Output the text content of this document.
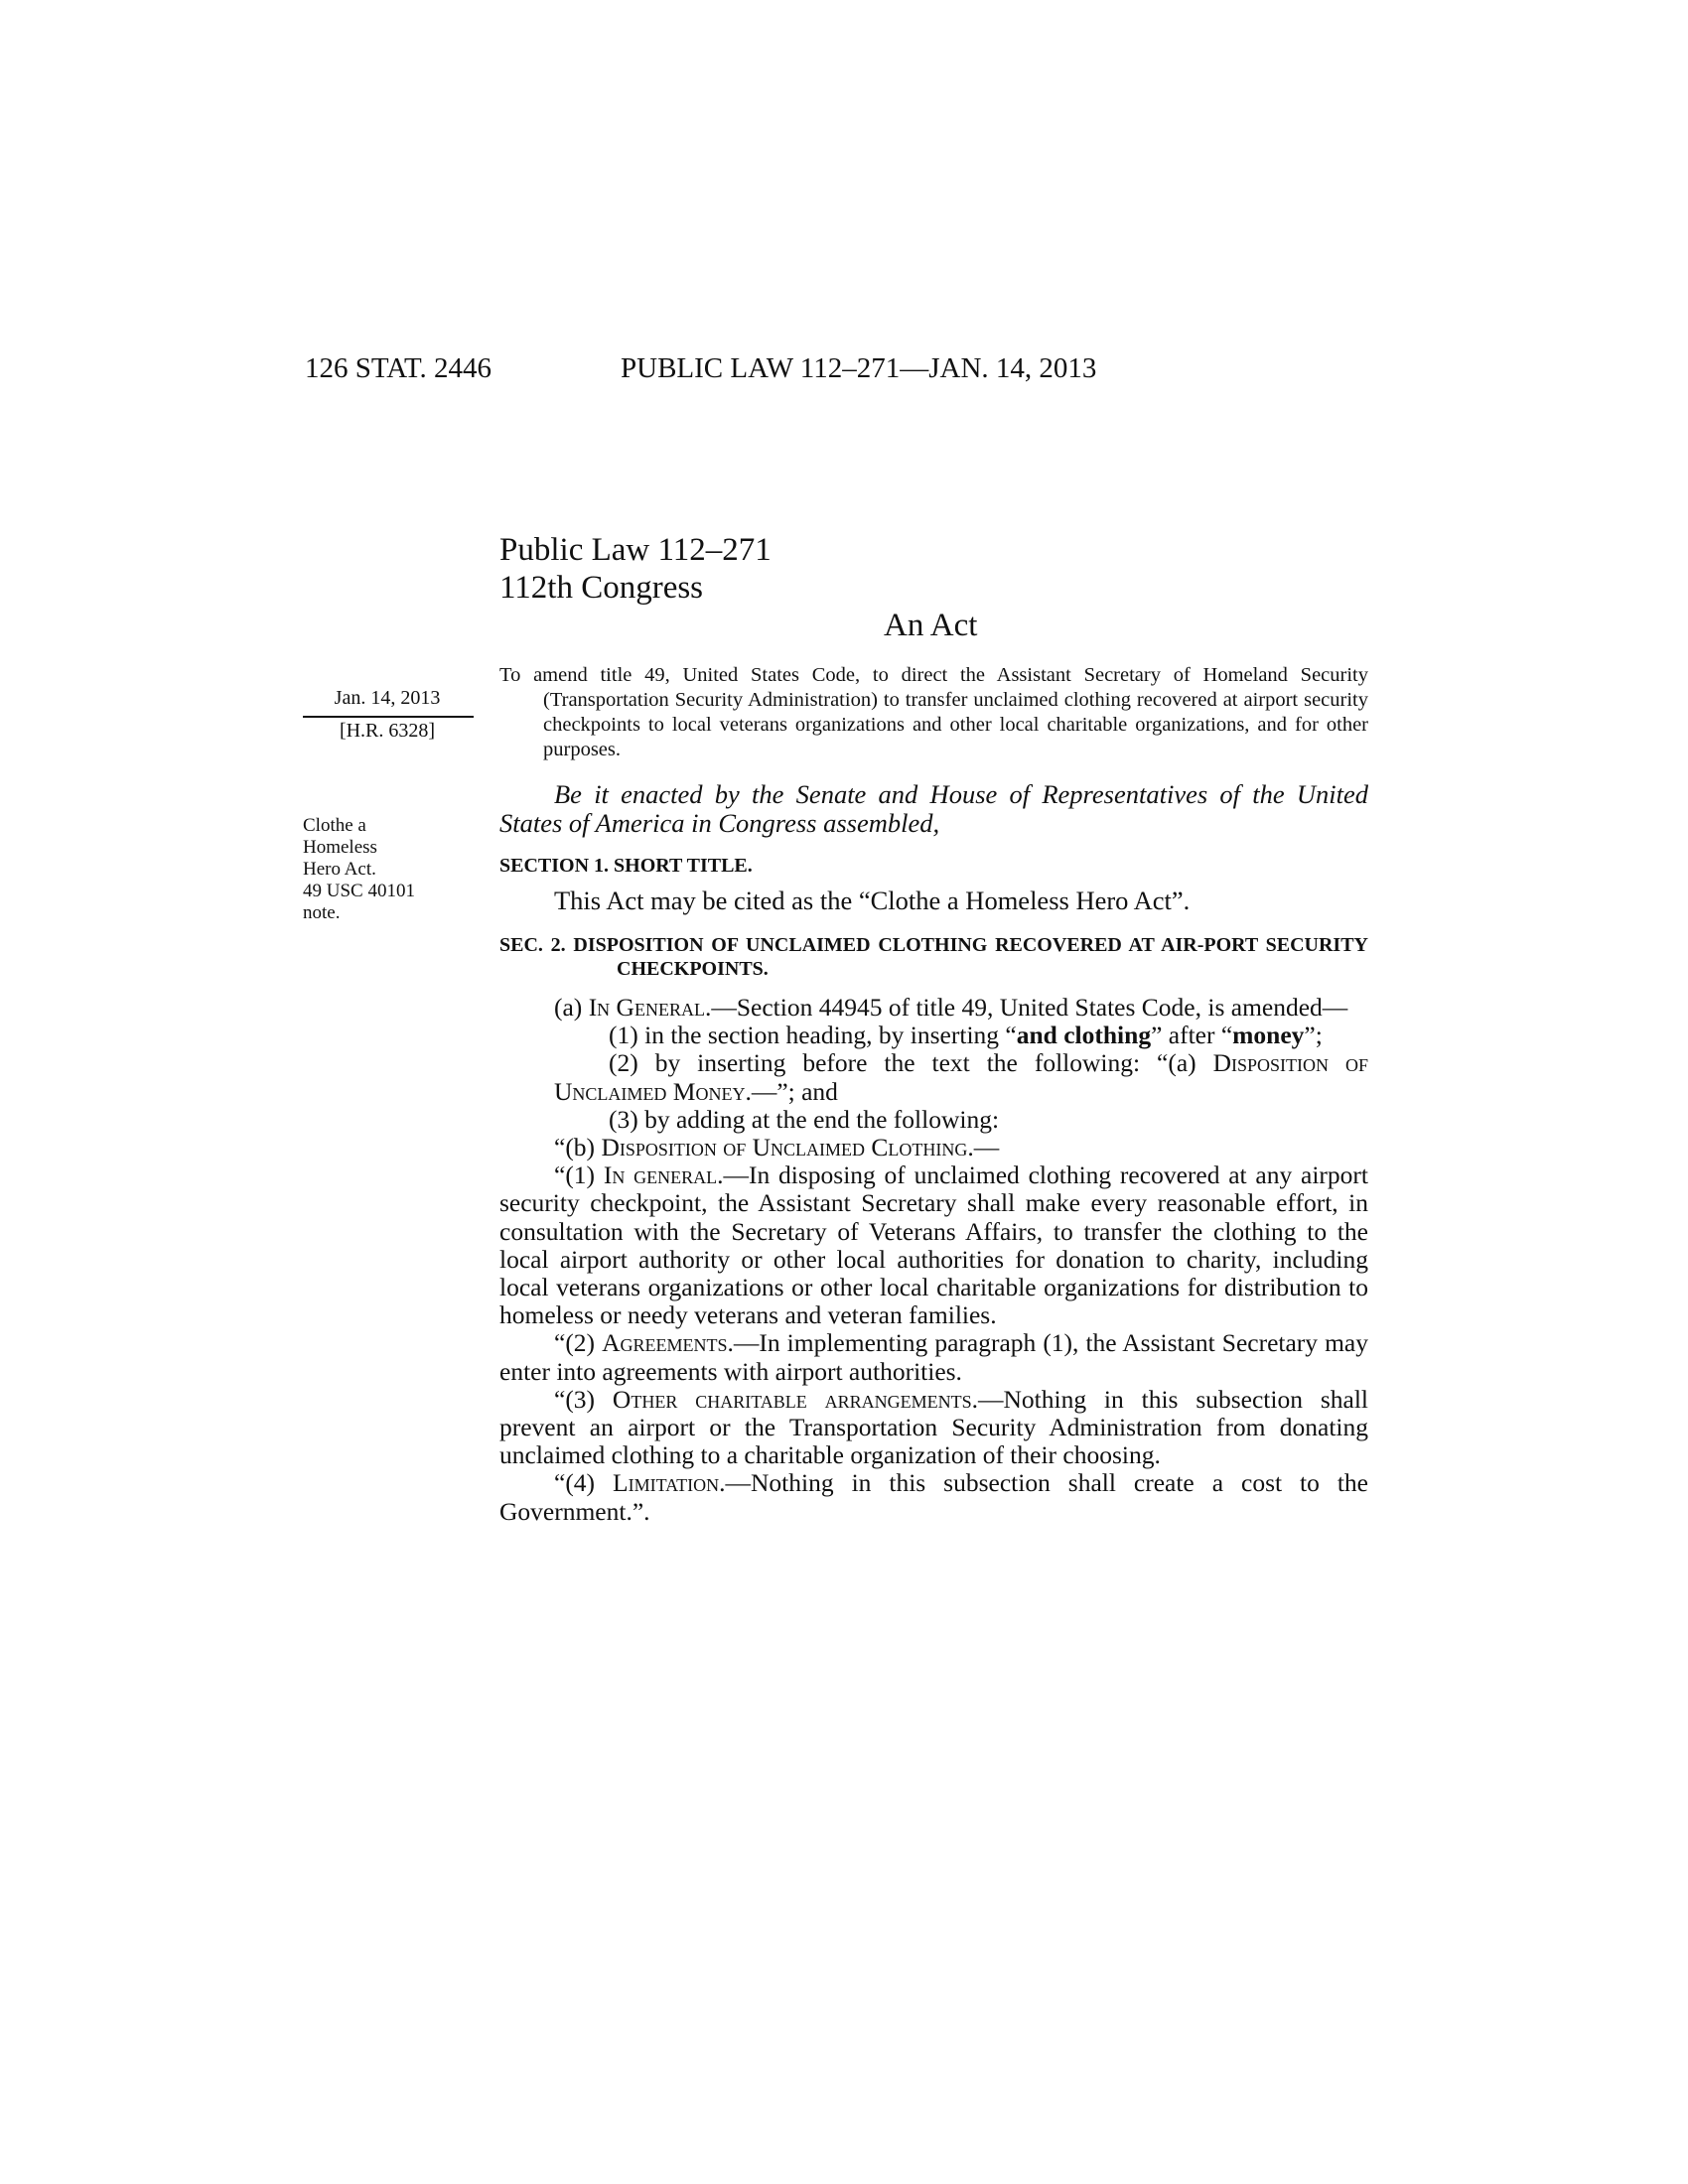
126 STAT. 2446	PUBLIC LAW 112–271—JAN. 14, 2013
Public Law 112–271
112th Congress
An Act
To amend title 49, United States Code, to direct the Assistant Secretary of Homeland Security (Transportation Security Administration) to transfer unclaimed clothing recovered at airport security checkpoints to local veterans organizations and other local charitable organizations, and for other purposes.
Jan. 14, 2013
[H.R. 6328]
Clothe a
Homeless
Hero Act.
49 USC 40101
note.

Be it enacted by the Senate and House of Representatives of the United States of America in Congress assembled,

SECTION 1. SHORT TITLE.

This Act may be cited as the “Clothe a Homeless Hero Act”.

SEC. 2. DISPOSITION OF UNCLAIMED CLOTHING RECOVERED AT AIR-PORT SECURITY CHECKPOINTS.

(a) In General.—Section 44945 of title 49, United States Code, is amended—

(1) in the section heading, by inserting “and clothing” after “money”;

(2) by inserting before the text the following: “(a) Disposition of Unclaimed Money.—”; and

(3) by adding at the end the following:

“(b) Disposition of Unclaimed Clothing.—

“(1) In general.—In disposing of unclaimed clothing recovered at any airport security checkpoint, the Assistant Secretary shall make every reasonable effort, in consultation with the Secretary of Veterans Affairs, to transfer the clothing to the local airport authority or other local authorities for donation to charity, including local veterans organizations or other local charitable organizations for distribution to homeless or needy veterans and veteran families.

“(2) Agreements.—In implementing paragraph (1), the Assistant Secretary may enter into agreements with airport authorities.

“(3) Other charitable arrangements.—Nothing in this subsection shall prevent an airport or the Transportation Security Administration from donating unclaimed clothing to a charitable organization of their choosing.

“(4) Limitation.—Nothing in this subsection shall create a cost to the Government.”.
